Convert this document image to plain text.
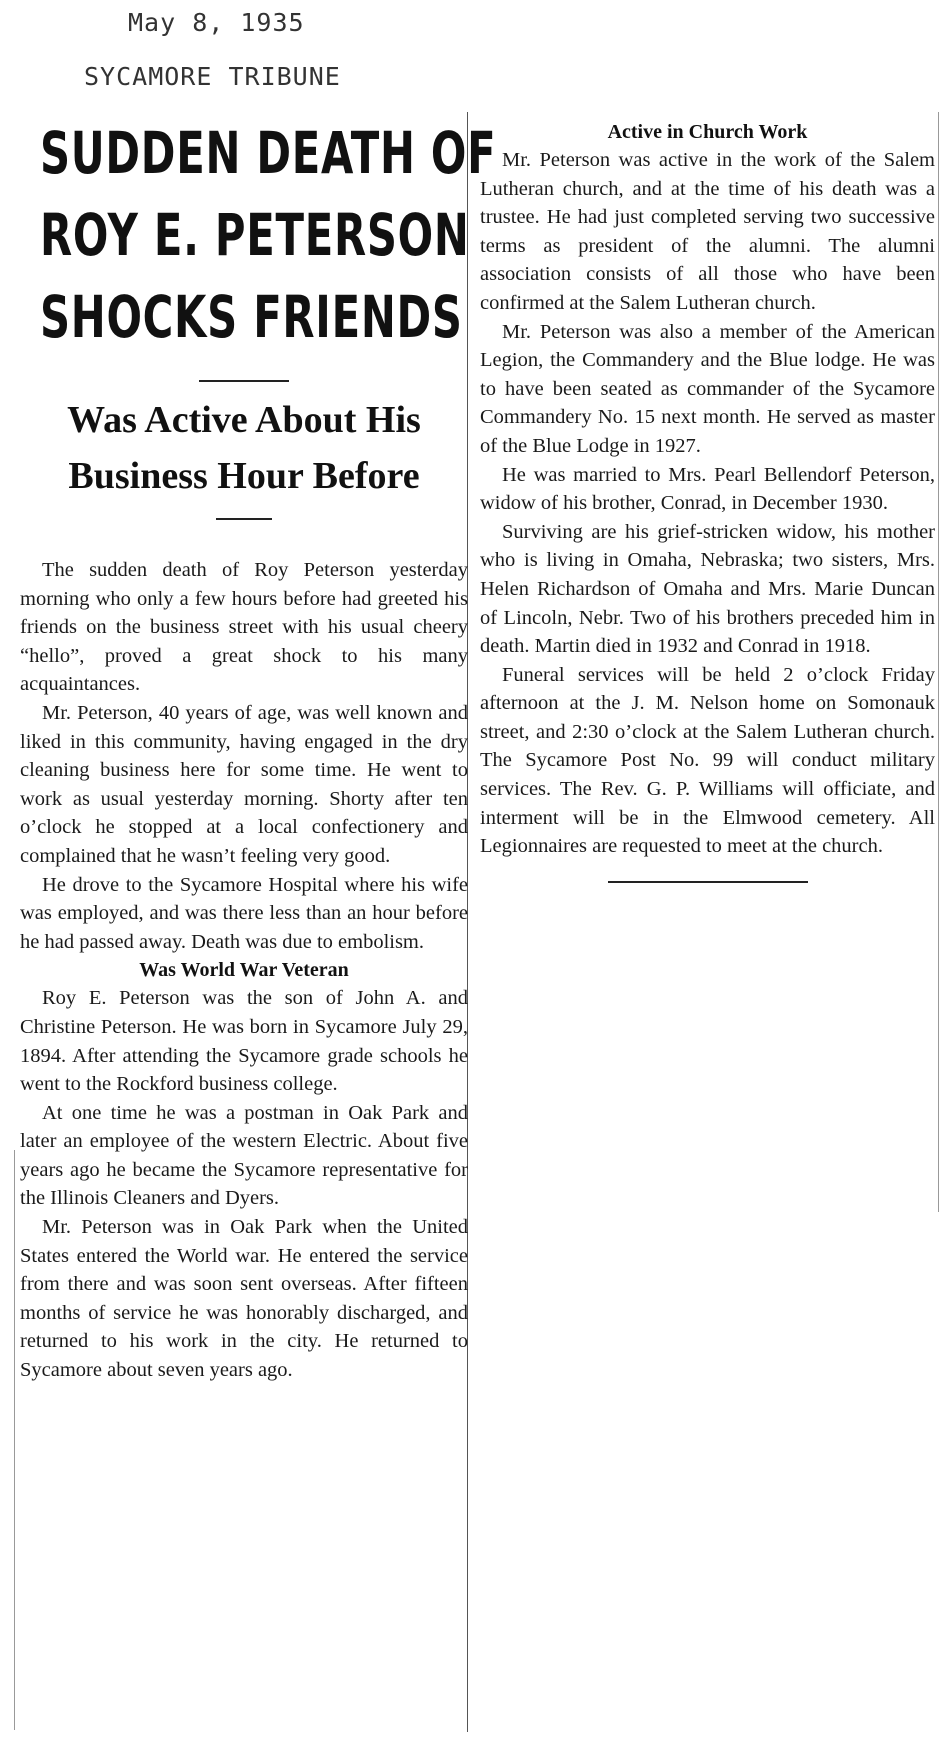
May 8, 1935
SYCAMORE TRIBUNE
SUDDEN DEATH OF
ROY E. PETERSON
SHOCKS FRIENDS
Was Active About His
Business Hour Before

The sudden death of Roy Peterson yesterday morning who only a few hours before had greeted his friends on the business street with his usual cheery “hello”, proved a great shock to his many acquaintances.

Mr. Peterson, 40 years of age, was well known and liked in this community, having engaged in the dry cleaning business here for some time. He went to work as usual yesterday morning. Shorty after ten o’clock he stopped at a local confectionery and complained that he wasn’t feeling very good.

He drove to the Sycamore Hospital where his wife was employed, and was there less than an hour before he had passed away. Death was due to embolism.

Was World War Veteran

Roy E. Peterson was the son of John A. and Christine Peterson. He was born in Sycamore July 29, 1894. After attending the Sycamore grade schools he went to the Rockford business college.

At one time he was a postman in Oak Park and later an employee of the western Electric. About five years ago he became the Sycamore representative for the Illinois Cleaners and Dyers.

Mr. Peterson was in Oak Park when the United States entered the World war. He entered the service from there and was soon sent overseas. After fifteen months of service he was honorably discharged, and returned to his work in the city. He returned to Sycamore about seven years ago.

Active in Church Work

Mr. Peterson was active in the work of the Salem Lutheran church, and at the time of his death was a trustee. He had just completed serving two successive terms as president of the alumni. The alumni association consists of all those who have been confirmed at the Salem Lutheran church.

Mr. Peterson was also a member of the American Legion, the Commandery and the Blue lodge. He was to have been seated as commander of the Sycamore Commandery No. 15 next month. He served as master of the Blue Lodge in 1927.

He was married to Mrs. Pearl Bellendorf Peterson, widow of his brother, Conrad, in December 1930.

Surviving are his grief-stricken widow, his mother who is living in Omaha, Nebraska; two sisters, Mrs. Helen Richardson of Omaha and Mrs. Marie Duncan of Lincoln, Nebr. Two of his brothers preceded him in death. Martin died in 1932 and Conrad in 1918.

Funeral services will be held 2 o’clock Friday afternoon at the J. M. Nelson home on Somonauk street, and 2:30 o’clock at the Salem Lutheran church. The Sycamore Post No. 99 will conduct military services. The Rev. G. P. Williams will officiate, and interment will be in the Elmwood cemetery. All Legionnaires are requested to meet at the church.
